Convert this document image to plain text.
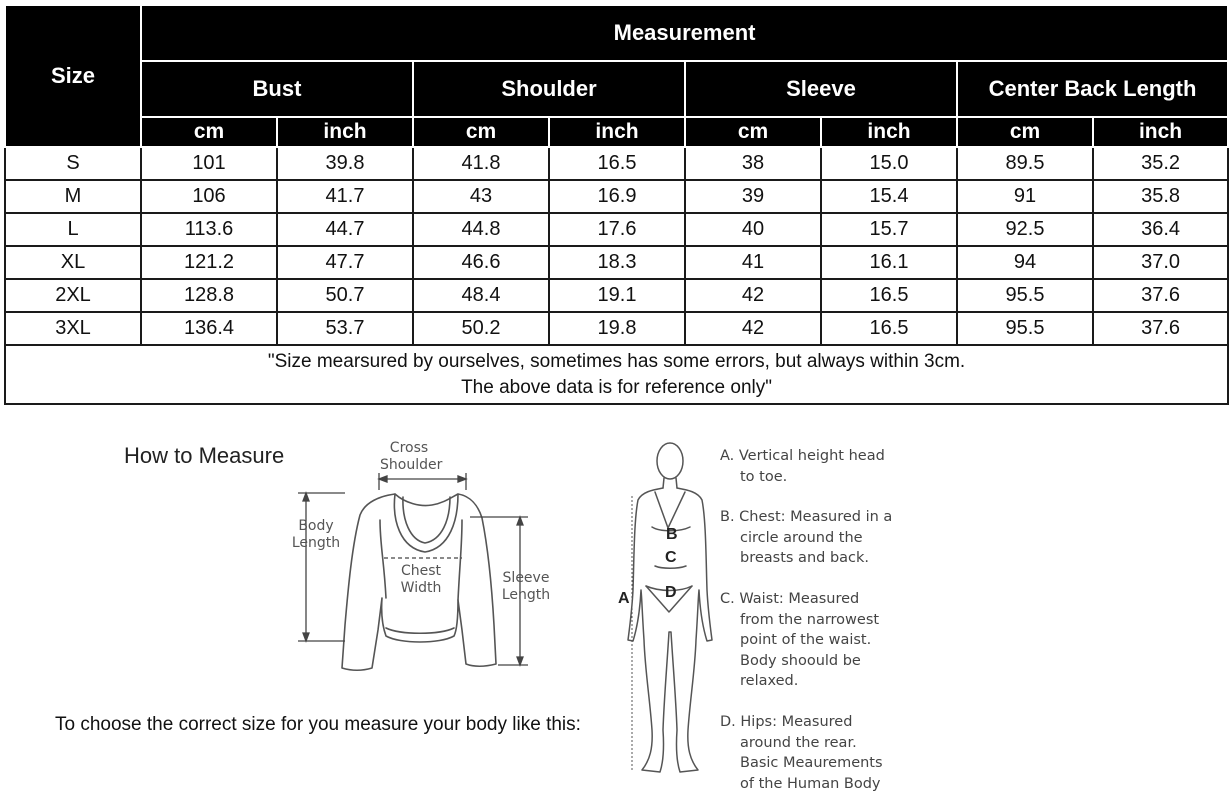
Size	Measurement							
	Bust		Shoulder		Sleeve		Center Back Length	
	cm	inch	cm	inch	cm	inch	cm	inch
S	101	39.8	41.8	16.5	38	15.0	89.5	35.2
M	106	41.7	43	16.9	39	15.4	91	35.8
L	113.6	44.7	44.8	17.6	40	15.7	92.5	36.4
XL	121.2	47.7	46.6	18.3	41	16.1	94	37.0
2XL	128.8	50.7	48.4	19.1	42	16.5	95.5	37.6
3XL	136.4	53.7	50.2	19.8	42	16.5	95.5	37.6

"Size mearsured by ourselves, sometimes has some errors, but always within 3cm.
The above data is for reference only"								
How to Measure
To choose the correct size for you measure your body like this:
Cross
Shoulder
Body
Length
Chest
Width
Sleeve
Length	A
B
C
D
A. Vertical height head
to toe.
B. Chest: Measured in a
circle around the
breasts and back.
C. Waist: Measured
from the narrowest
point of the waist.
Body shoould be
relaxed.
D. Hips: Measured
around the rear.
Basic Meaurements
of the Human Body
